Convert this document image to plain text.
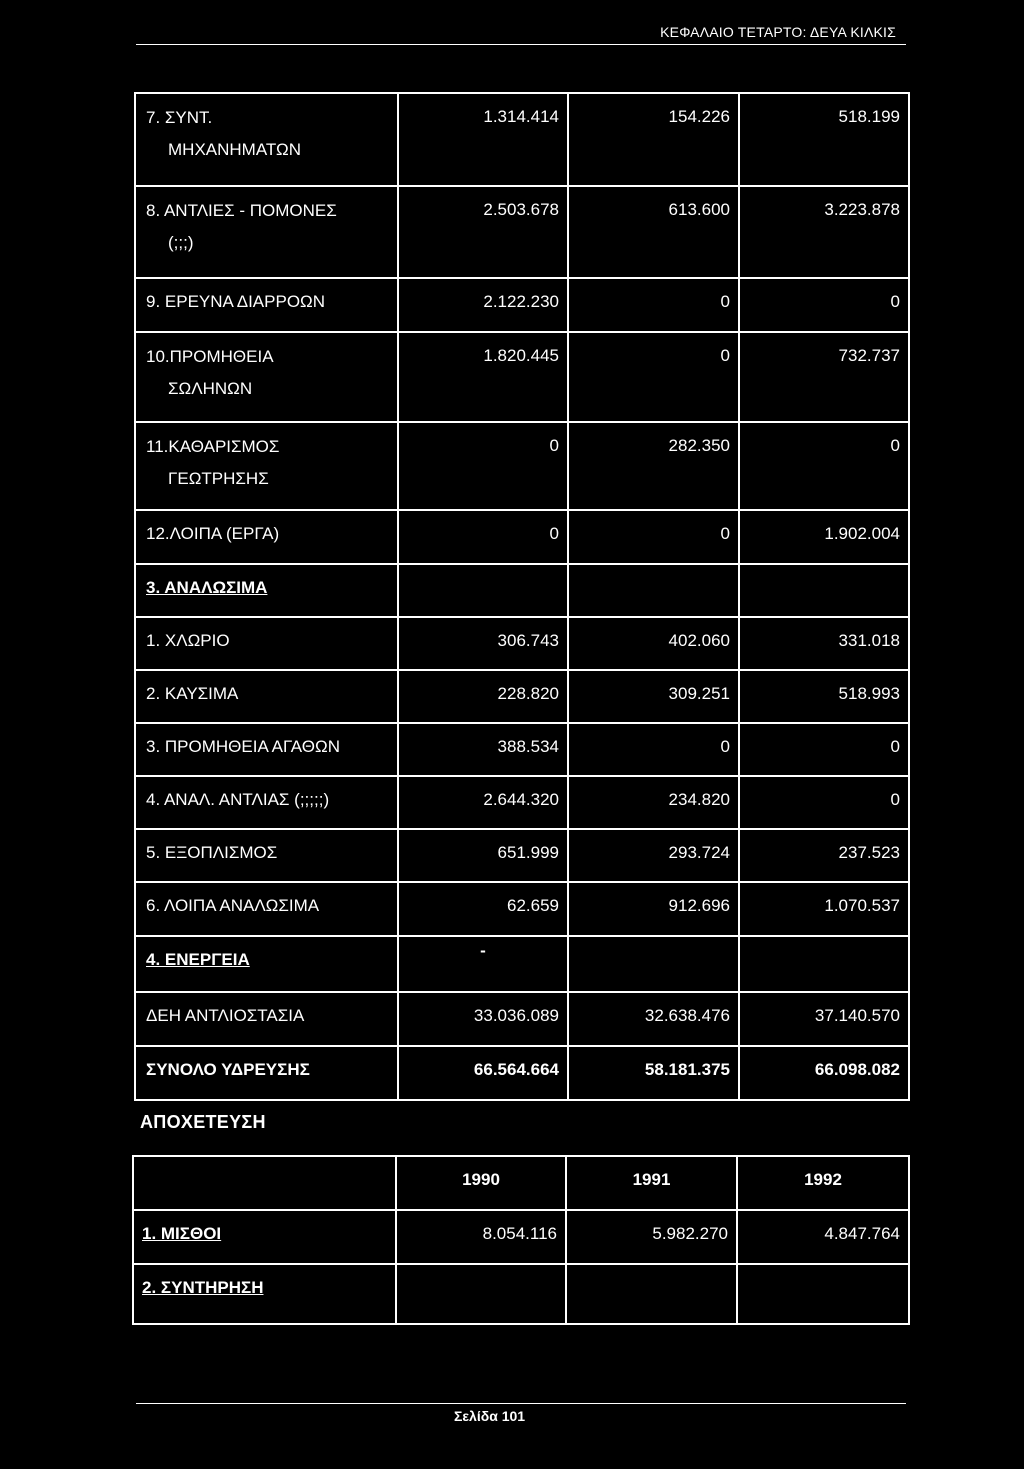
ΚΕΦΑΛΑΙΟ ΤΕΤΑΡΤΟ: ΔΕΥΑ ΚΙΛΚΙΣ
7. ΣΥΝΤ.
ΜΗΧΑΝΗΜΑΤΩΝ	1.314.414	154.226	518.199
8. ΑΝΤΛΙΕΣ - ΠΟΜΟΝΕΣ
(;;;)	2.503.678	613.600	3.223.878
9. ΕΡΕΥΝΑ ΔΙΑΡΡΟΩΝ	2.122.230	0	0
10.ΠΡΟΜΗΘΕΙΑ
ΣΩΛΗΝΩΝ	1.820.445	0	732.737
11.ΚΑΘΑΡΙΣΜΟΣ
ΓΕΩΤΡΗΣΗΣ	0	282.350	0
12.ΛΟΙΠΑ (ΕΡΓΑ)	0	0	1.902.004
3. ΑΝΑΛΩΣΙΜΑ			
1. ΧΛΩΡΙΟ	306.743	402.060	331.018
2. ΚΑΥΣΙΜΑ	228.820	309.251	518.993
3. ΠΡΟΜΗΘΕΙΑ ΑΓΑΘΩΝ	388.534	0	0
4. ΑΝΑΛ. ΑΝΤΛΙΑΣ (;;;;;)	2.644.320	234.820	0
5. ΕΞΟΠΛΙΣΜΟΣ	651.999	293.724	237.523
6. ΛΟΙΠΑ ΑΝΑΛΩΣΙΜΑ	62.659	912.696	1.070.537
4. ΕΝΕΡΓΕΙΑ	-		
ΔΕΗ ΑΝΤΛΙΟΣΤΑΣΙΑ	33.036.089	32.638.476	37.140.570
ΣΥΝΟΛΟ ΥΔΡΕΥΣΗΣ	66.564.664	58.181.375	66.098.082
ΑΠΟΧΕΤΕΥΣΗ
	1990	1991	1992
1. ΜΙΣΘΟΙ	8.054.116	5.982.270	4.847.764
2. ΣΥΝΤΗΡΗΣΗ			
Σελίδα 101
